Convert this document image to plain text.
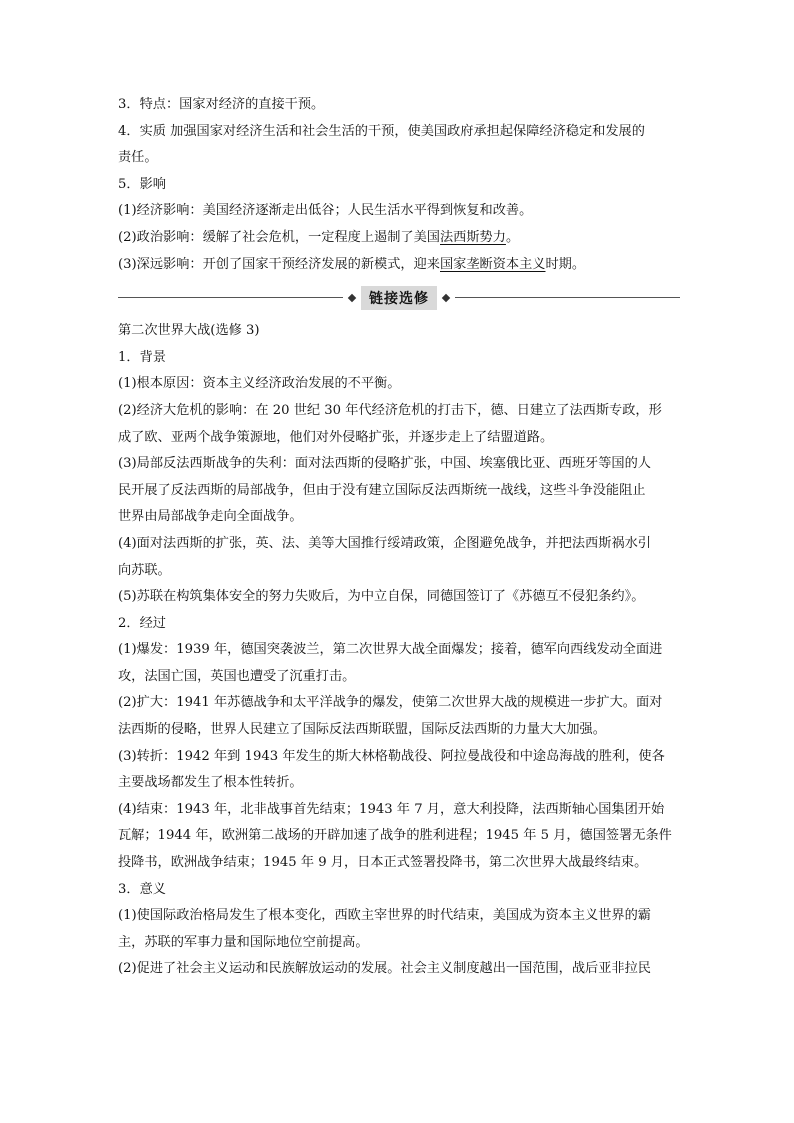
3．特点：国家对经济的直接干预。
4．实质 加强国家对经济生活和社会生活的干预，使美国政府承担起保障经济稳定和发展的
责任。
5．影响
(1)经济影响：美国经济逐渐走出低谷；人民生活水平得到恢复和改善。
(2)政治影响：缓解了社会危机，一定程度上遏制了美国法西斯势力。
(3)深远影响：开创了国家干预经济发展的新模式，迎来国家垄断资本主义时期。
链接选修
第二次世界大战(选修 3)
1．背景
(1)根本原因：资本主义经济政治发展的不平衡。
(2)经济大危机的影响：在 20 世纪 30 年代经济危机的打击下，德、日建立了法西斯专政，形
成了欧、亚两个战争策源地，他们对外侵略扩张，并逐步走上了结盟道路。
(3)局部反法西斯战争的失利：面对法西斯的侵略扩张，中国、埃塞俄比亚、西班牙等国的人
民开展了反法西斯的局部战争，但由于没有建立国际反法西斯统一战线，这些斗争没能阻止
世界由局部战争走向全面战争。
(4)面对法西斯的扩张，英、法、美等大国推行绥靖政策，企图避免战争，并把法西斯祸水引
向苏联。
(5)苏联在构筑集体安全的努力失败后，为中立自保，同德国签订了《苏德互不侵犯条约》。
2．经过
(1)爆发：1939 年，德国突袭波兰，第二次世界大战全面爆发；接着，德军向西线发动全面进
攻，法国亡国，英国也遭受了沉重打击。
(2)扩大：1941 年苏德战争和太平洋战争的爆发，使第二次世界大战的规模进一步扩大。面对
法西斯的侵略，世界人民建立了国际反法西斯联盟，国际反法西斯的力量大大加强。
(3)转折：1942 年到 1943 年发生的斯大林格勒战役、阿拉曼战役和中途岛海战的胜利，使各
主要战场都发生了根本性转折。
(4)结束：1943 年，北非战事首先结束；1943 年 7 月，意大利投降，法西斯轴心国集团开始
瓦解；1944 年，欧洲第二战场的开辟加速了战争的胜利进程；1945 年 5 月，德国签署无条件
投降书，欧洲战争结束；1945 年 9 月，日本正式签署投降书，第二次世界大战最终结束。
3．意义
(1)使国际政治格局发生了根本变化，西欧主宰世界的时代结束，美国成为资本主义世界的霸
主，苏联的军事力量和国际地位空前提高。
(2)促进了社会主义运动和民族解放运动的发展。社会主义制度越出一国范围，战后亚非拉民
